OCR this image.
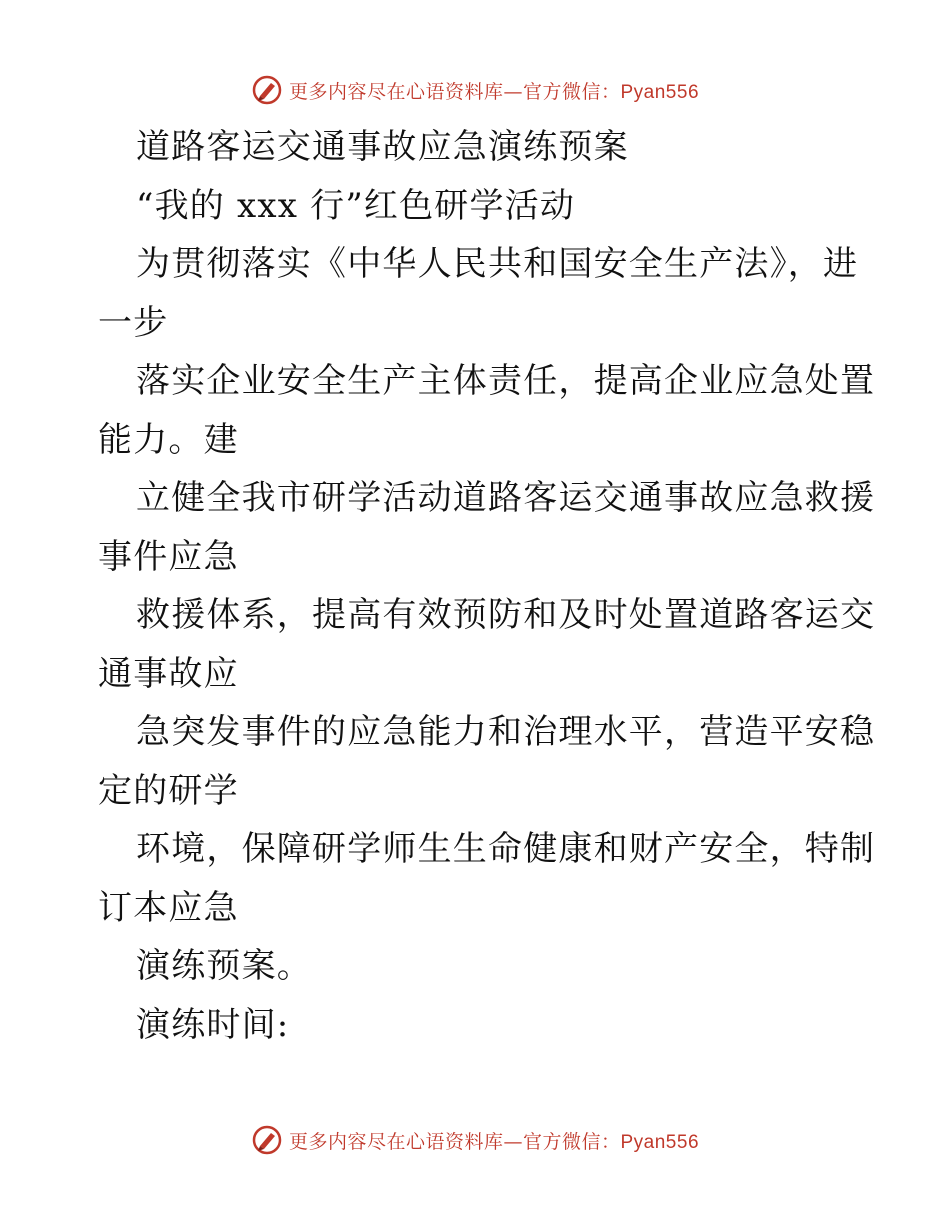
更多内容尽在心语资料库—官方微信：Pyan556
道路客运交通事故应急演练预案
“我的 xxx 行”红色研学活动
为贯彻落实《中华人民共和国安全生产法》，进
一步
落实企业安全生产主体责任，提高企业应急处置
能力。建
立健全我市研学活动道路客运交通事故应急救援
事件应急
救援体系，提高有效预防和及时处置道路客运交
通事故应
急突发事件的应急能力和治理水平，营造平安稳
定的研学
环境，保障研学师生生命健康和财产安全，特制
订本应急
演练预案。
演练时间:
更多内容尽在心语资料库—官方微信：Pyan556
